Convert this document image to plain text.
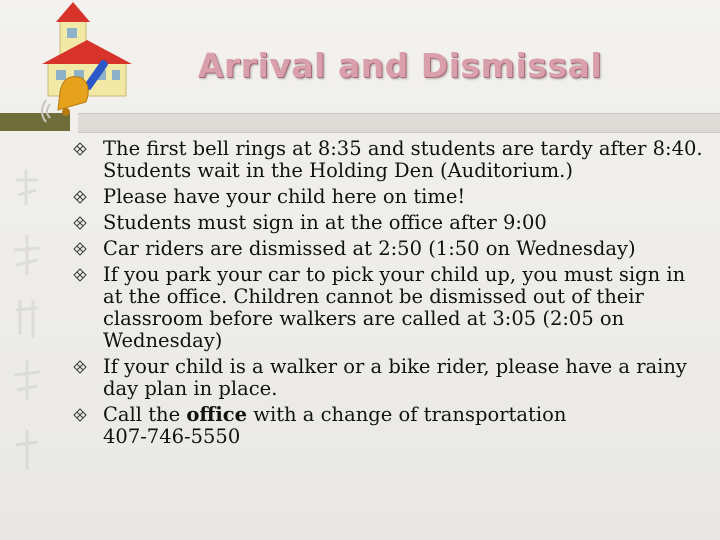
Arrival and Dismissal
The first bell rings at 8:35 and students are tardy after 8:40. Students wait in the Holding Den (Auditorium.)
Please have your child here on time!
Students must sign in at the office after 9:00
Car riders are dismissed at 2:50 (1:50 on Wednesday)
If you park your car to pick your child up, you must sign in at the office. Children cannot be dismissed out of their classroom before walkers are called at 3:05 (2:05 on Wednesday)
If your child is a walker or a bike rider, please have a rainy day plan in place.
Call the office with a change of transportation
407-746-5550
